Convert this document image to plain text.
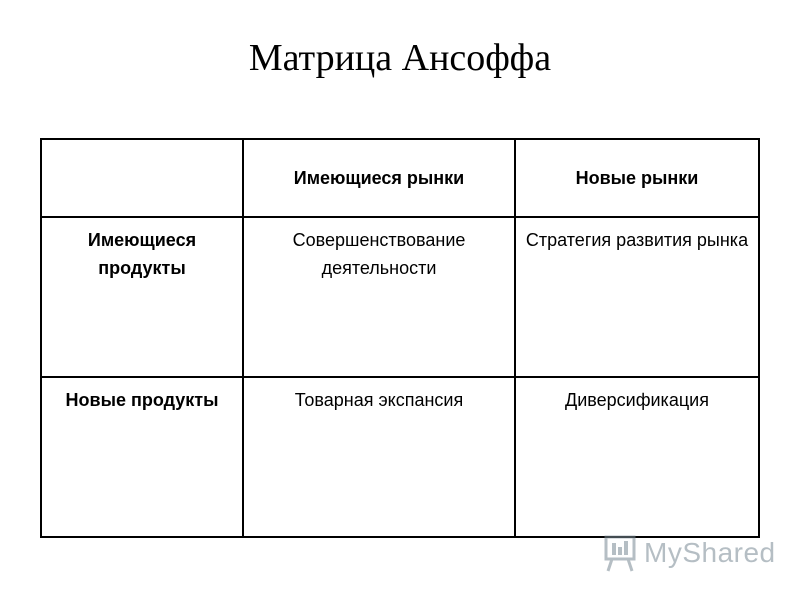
Матрица Ансоффа
	Имеющиеся рынки	Новые рынки
Имеющиеся продукты	Совершенствование деятельности	Стратегия развития рынка
Новые продукты	Товарная экспансия	Диверсификация
MyShared
